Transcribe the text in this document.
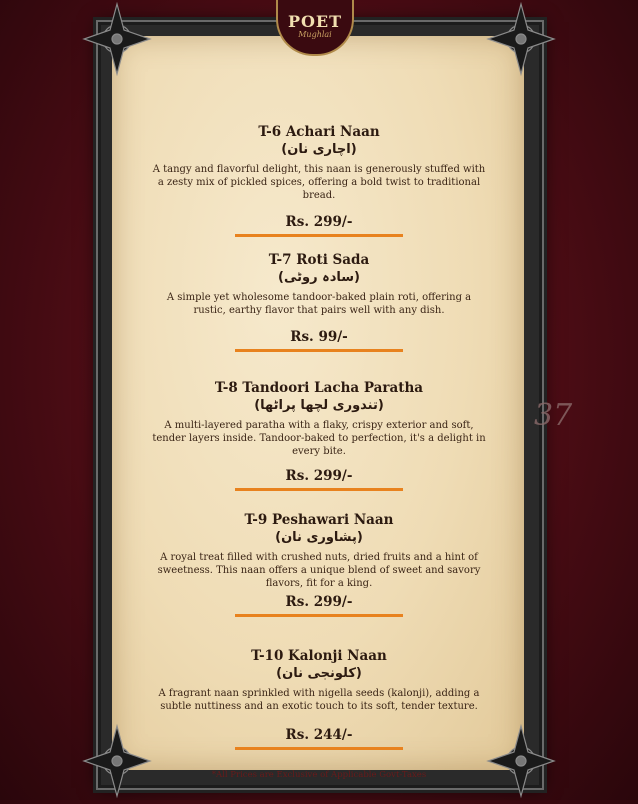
POET
Mughlai
37
T-6 Achari Naan
(اچاری نان)
A tangy and flavorful delight, this naan is generously stuffed with a zesty mix of pickled spices, offering a bold twist to traditional bread.
Rs. 299/-
T-7 Roti Sada
(سادہ روٹی)
A simple yet wholesome tandoor-baked plain roti, offering a rustic, earthy flavor that pairs well with any dish.
Rs. 99/-
T-8 Tandoori Lacha Paratha
(تندوری لچھا پراٹھا)
A multi-layered paratha with a flaky, crispy exterior and soft, tender layers inside. Tandoor-baked to perfection, it's a delight in every bite.
Rs. 299/-
T-9 Peshawari Naan
(پشاوری نان)
A royal treat filled with crushed nuts, dried fruits and a hint of sweetness. This naan offers a unique blend of sweet and savory flavors, fit for a king.
Rs. 299/-
T-10 Kalonji Naan
(کلونجی نان)
A fragrant naan sprinkled with nigella seeds (kalonji), adding a subtle nuttiness and an exotic touch to its soft, tender texture.
Rs. 244/-
*All Prices are Exclusive of Applicable Govt-Taxes
